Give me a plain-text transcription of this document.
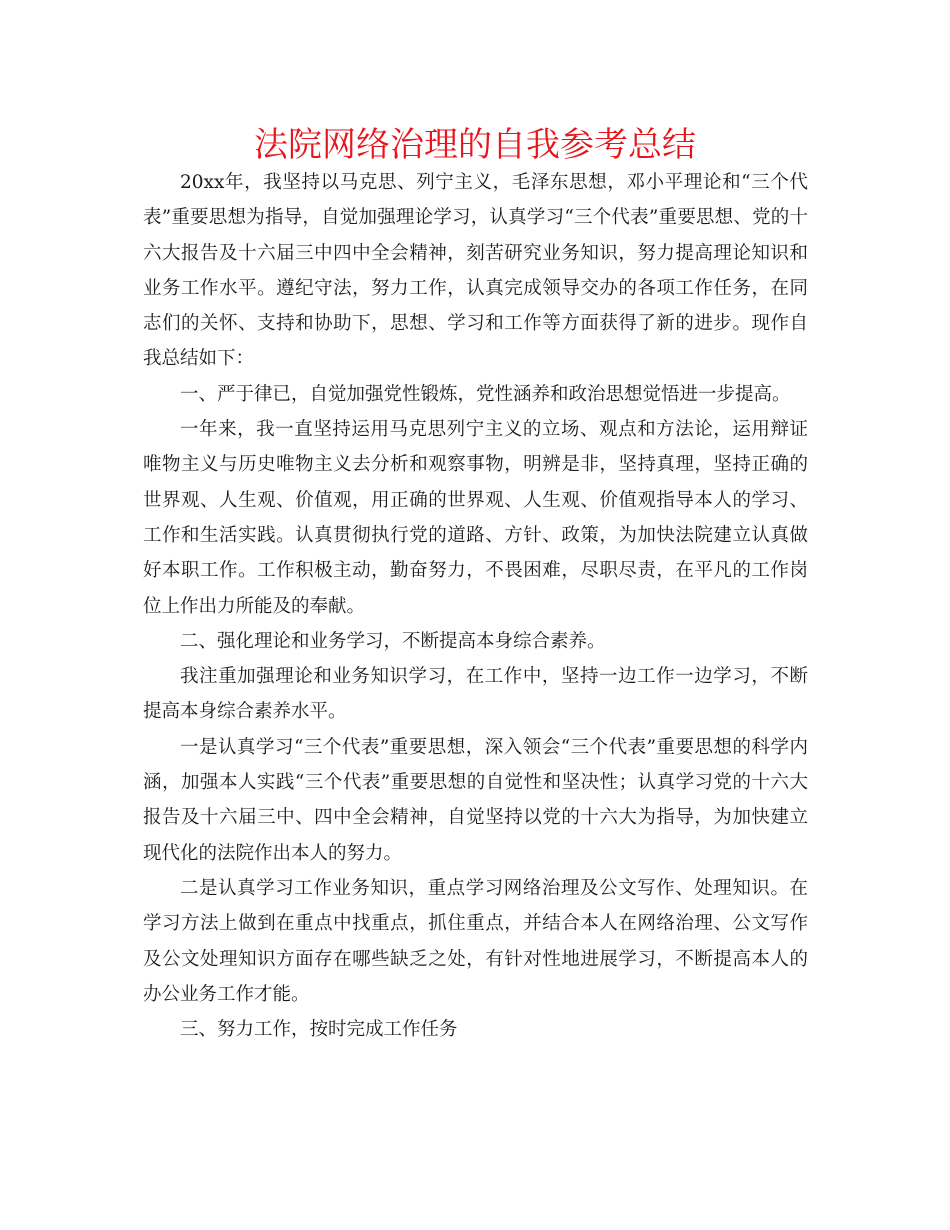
法院网络治理的自我参考总结

20xx年，我坚持以马克思、列宁主义，毛泽东思想，邓小平理论和“三个代表”重要思想为指导，自觉加强理论学习，认真学习“三个代表”重要思想、党的十六大报告及十六届三中四中全会精神，刻苦研究业务知识，努力提高理论知识和业务工作水平。遵纪守法，努力工作，认真完成领导交办的各项工作任务，在同志们的关怀、支持和协助下，思想、学习和工作等方面获得了新的进步。现作自我总结如下：

一、严于律已，自觉加强党性锻炼，党性涵养和政治思想觉悟进一步提高。

一年来，我一直坚持运用马克思列宁主义的立场、观点和方法论，运用辩证唯物主义与历史唯物主义去分析和观察事物，明辨是非，坚持真理，坚持正确的世界观、人生观、价值观，用正确的世界观、人生观、价值观指导本人的学习、工作和生活实践。认真贯彻执行党的道路、方针、政策，为加快法院建立认真做好本职工作。工作积极主动，勤奋努力，不畏困难，尽职尽责，在平凡的工作岗位上作出力所能及的奉献。

二、强化理论和业务学习，不断提高本身综合素养。

我注重加强理论和业务知识学习，在工作中，坚持一边工作一边学习，不断提高本身综合素养水平。

一是认真学习“三个代表”重要思想，深入领会“三个代表”重要思想的科学内涵，加强本人实践“三个代表”重要思想的自觉性和坚决性；认真学习党的十六大报告及十六届三中、四中全会精神，自觉坚持以党的十六大为指导，为加快建立现代化的法院作出本人的努力。

二是认真学习工作业务知识，重点学习网络治理及公文写作、处理知识。在学习方法上做到在重点中找重点，抓住重点，并结合本人在网络治理、公文写作及公文处理知识方面存在哪些缺乏之处，有针对性地进展学习，不断提高本人的办公业务工作才能。

三、努力工作，按时完成工作任务
